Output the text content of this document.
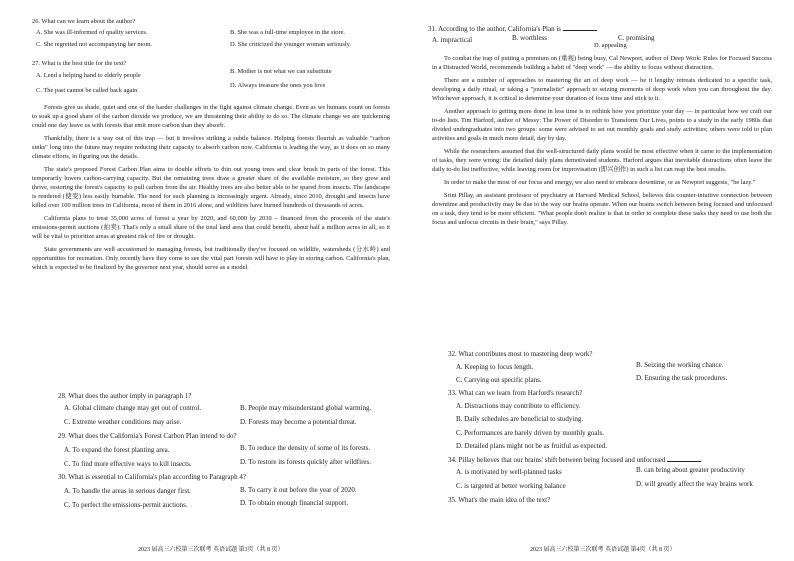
26. What can we learn about the author?
A. She was ill-informed of quality services.	B. She was a full-time employee in the store.
C. She regretted not accompanying her mom.	D. She criticized the younger woman seriously.
27. What is the best title for the text?
A. Lend a helping hand to elderly people
B. Mother is not what we can substitute
C. The past cannot be called back again
D. Always treasure the ones you love

Forests give us shade, quiet and one of the harder challenges in the fight against climate change. Even as we humans count on forests to soak up a good share of the carbon dioxide we produce, we are threatening their ability to do so. The climate change we are quickening could one day leave us with forests that emit more carbon than they absorb.

Thankfully, there is a way out of this trap — but it involves striking a subtle balance. Helping forests flourish as valuable "carbon sinks" long into the future may require reducing their capacity to absorb carbon now. California is leading the way, as it does on so many climate efforts, in figuring out the details.

The state's proposed Forest Carbon Plan aims to double efforts to thin out young trees and clear brush in parts of the forest. This temporarily lowers carbon-carrying capacity. But the remaining trees draw a greater share of the available moisture, so they grow and thrive, restoring the forest's capacity to pull carbon from the air. Healthy trees are also better able to be spared from insects. The landscape is rendered (使变) less easily burnable. The need for such planning is increasingly urgent. Already, since 2010, drought and insects have killed over 100 million trees in California, most of them in 2016 alone, and wildfires have burned hundreds of thousands of acres.

California plans to treat 35,000 acres of forest a year by 2020, and 60,000 by 2030 – financed from the proceeds of the state's emissions-permit auctions (拍卖). That's only a small share of the total land area that could benefit, about half a million acres in all, so it will be vital to prioritize areas at greatest risk of fire or drought.

State governments are well accustomed to managing forests, but traditionally they've focused on wildlife, watersheds (分水岭) and opportunities for recreation. Only recently have they come to see the vital part forests will have to play in storing carbon. California's plan, which is expected to be finalized by the governor next year, should serve as a model.

28. What does the author imply in paragraph 1?
A. Global climate change may get out of control.	B. People may misunderstand global warming.
C. Extreme weather conditions may arise.	D. Forests may become a potential threat.
29. What does the California's Forest Carbon Plan intend to do?
A. To expand the forest planting area.	B. To reduce the density of some of its forests.
C. To find more effective ways to kill insects.	D. To restore its forests quickly after wildfires.
30. What is essential to California's plan according to Paragraph 4?
A. To handle the areas in serious danger first.	B. To carry it out before the year of 2020.
C. To perfect the emissions-permit auctions.	D. To obtain enough financial support.
2023 届高三六校第三次联考 英语试题 第3页（共 8 页）
31. According to the author, California's Plan is
A. impractical	B. worthless	C. promising
D. appealing

To combat the trap of putting a premium on (重视) being busy, Cal Newport, author of Deep Work: Rules for Focused Success in a Distracted World, recommends building a habit of "deep work" — the ability to focus without distraction.

There are a number of approaches to mastering the art of deep work — be it lengthy retreats dedicated to a specific task, developing a daily ritual, or taking a "journalistic" approach to seizing moments of deep work when you can throughout the day. Whichever approach, it is critical to determine your duration of focus time and stick to it.

Another approach to getting more done in less time is to rethink how you prioritize your day — in particular how we craft our to-do lists. Tim Harford, author of Messy: The Power of Disorder to Transform Our Lives, points to a study in the early 1980s that divided undergraduates into two groups: some were advised to set out monthly goals and study activities; others were told to plan activities and goals in much more detail, day by day.

While the researchers assumed that the well-structured daily plans would be most effective when it came to the implementation of tasks, they were wrong: the detailed daily plans demotivated students. Harford argues that inevitable distractions often leave the daily to-do list ineffective, while leaving room for improvisation (即兴创作) in such a list can reap the best results.

In order to make the most of our focus and energy, we also need to embrace downtime, or as Newport suggests, "be lazy."

Srini Pillay, an assistant professor of psychiatry at Harvard Medical School, believes this counter-intuitive connection between downtime and productivity may be due to the way our brains operate. When our brains switch between being focused and unfocused on a task, they tend to be more efficient. "What people don't realize is that in order to complete these tasks they need to use both the focus and unfocus circuits in their brain," says Pillay.

32. What contributes most to mastering deep work?
A. Keeping to focus length.	B. Seizing the working chance.
C. Carrying out specific plans.	D. Ensuring the task procedures.
33. What can we learn from Harford's research?
A. Distractions may contribute to efficiency.
B. Daily schedules are beneficial to studying.
C. Performances are barely driven by monthly goals.
D. Detailed plans might not be as fruitful as expected.
34. Pillay believes that our brains' shift between being focused and unfocused
A. is motivated by well-planned tasks	B. can bring about greater productivity
C. is targeted at better working balance	D. will greatly affect the way brains work
35. What's the main idea of the text?
2023 届高三六校第三次联考 英语试题 第4页（共 8 页）
